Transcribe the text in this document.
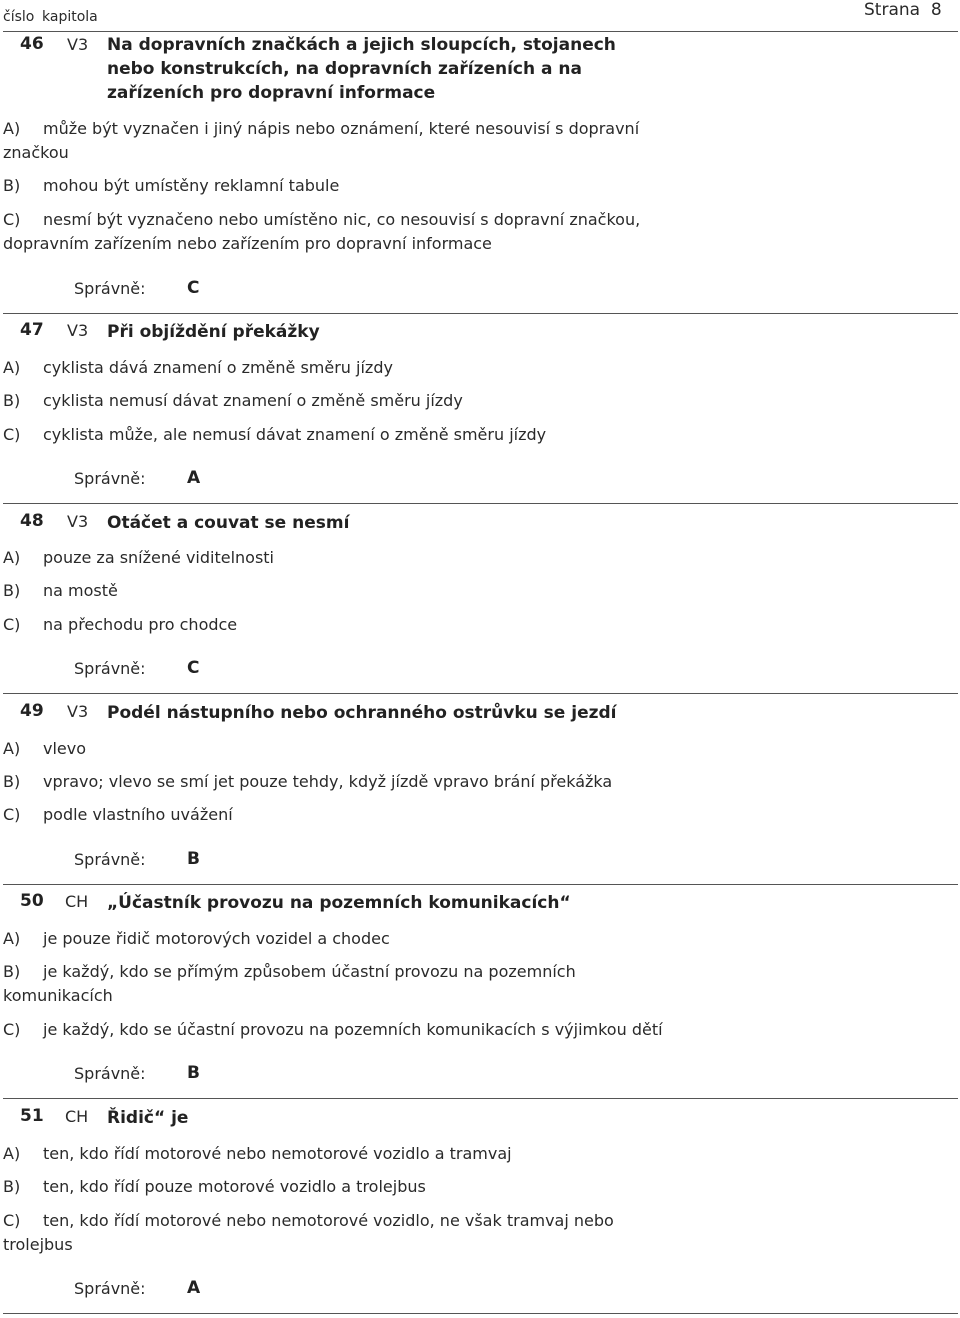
číslo kapitola	Strana 8
46 V3 Na dopravních značkách a jejich sloupcích, stojanech nebo konstrukcích, na dopravních zařízeních a na zařízeních pro dopravní informace
A) může být vyznačen i jiný nápis nebo oznámení, které nesouvisí s dopravní značkou
B) mohou být umístěny reklamní tabule
C) nesmí být vyznačeno nebo umístěno nic, co nesouvisí s dopravní značkou, dopravním zařízením nebo zařízením pro dopravní informace
Správně: C
47 V3 Při objíždění překážky
A) cyklista dává znamení o změně směru jízdy
B) cyklista nemusí dávat znamení o změně směru jízdy
C) cyklista může, ale nemusí dávat znamení o změně směru jízdy
Správně: A
48 V3 Otáčet a couvat se nesmí
A) pouze za snížené viditelnosti
B) na mostě
C) na přechodu pro chodce
Správně: C
49 V3 Podél nástupního nebo ochranného ostrůvku se jezdí
A) vlevo
B) vpravo; vlevo se smí jet pouze tehdy, když jízdě vpravo brání překážka
C) podle vlastního uvážení
Správně: B
50 CH „Účastník provozu na pozemních komunikacích“
A) je pouze řidič motorových vozidel a chodec
B) je každý, kdo se přímým způsobem účastní provozu na pozemních komunikacích
C) je každý, kdo se účastní provozu na pozemních komunikacích s výjimkou dětí
Správně: B
51 CH Řidič“ je
A) ten, kdo řídí motorové nebo nemotorové vozidlo a tramvaj
B) ten, kdo řídí pouze motorové vozidlo a trolejbus
C) ten, kdo řídí motorové nebo nemotorové vozidlo, ne však tramvaj nebo trolejbus
Správně: A
